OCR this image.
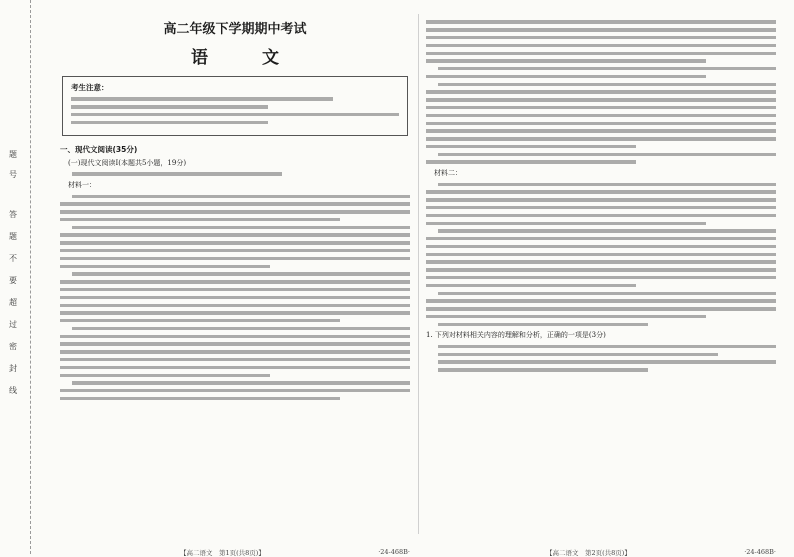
题
号
答
题
不
要
超
过
密
封
线
高二年级下学期期中考试
语 文
考生注意：
一、现代文阅读(35分)
(一)现代文阅读Ⅰ(本题共5小题，19分)
材料一：
【高二语文　第1页(共8页)】	·24-468B·
材料二：
1. 下列对材料相关内容的理解和分析，正确的一项是(3分)
【高二语文　第2页(共8页)】	·24-468B·
